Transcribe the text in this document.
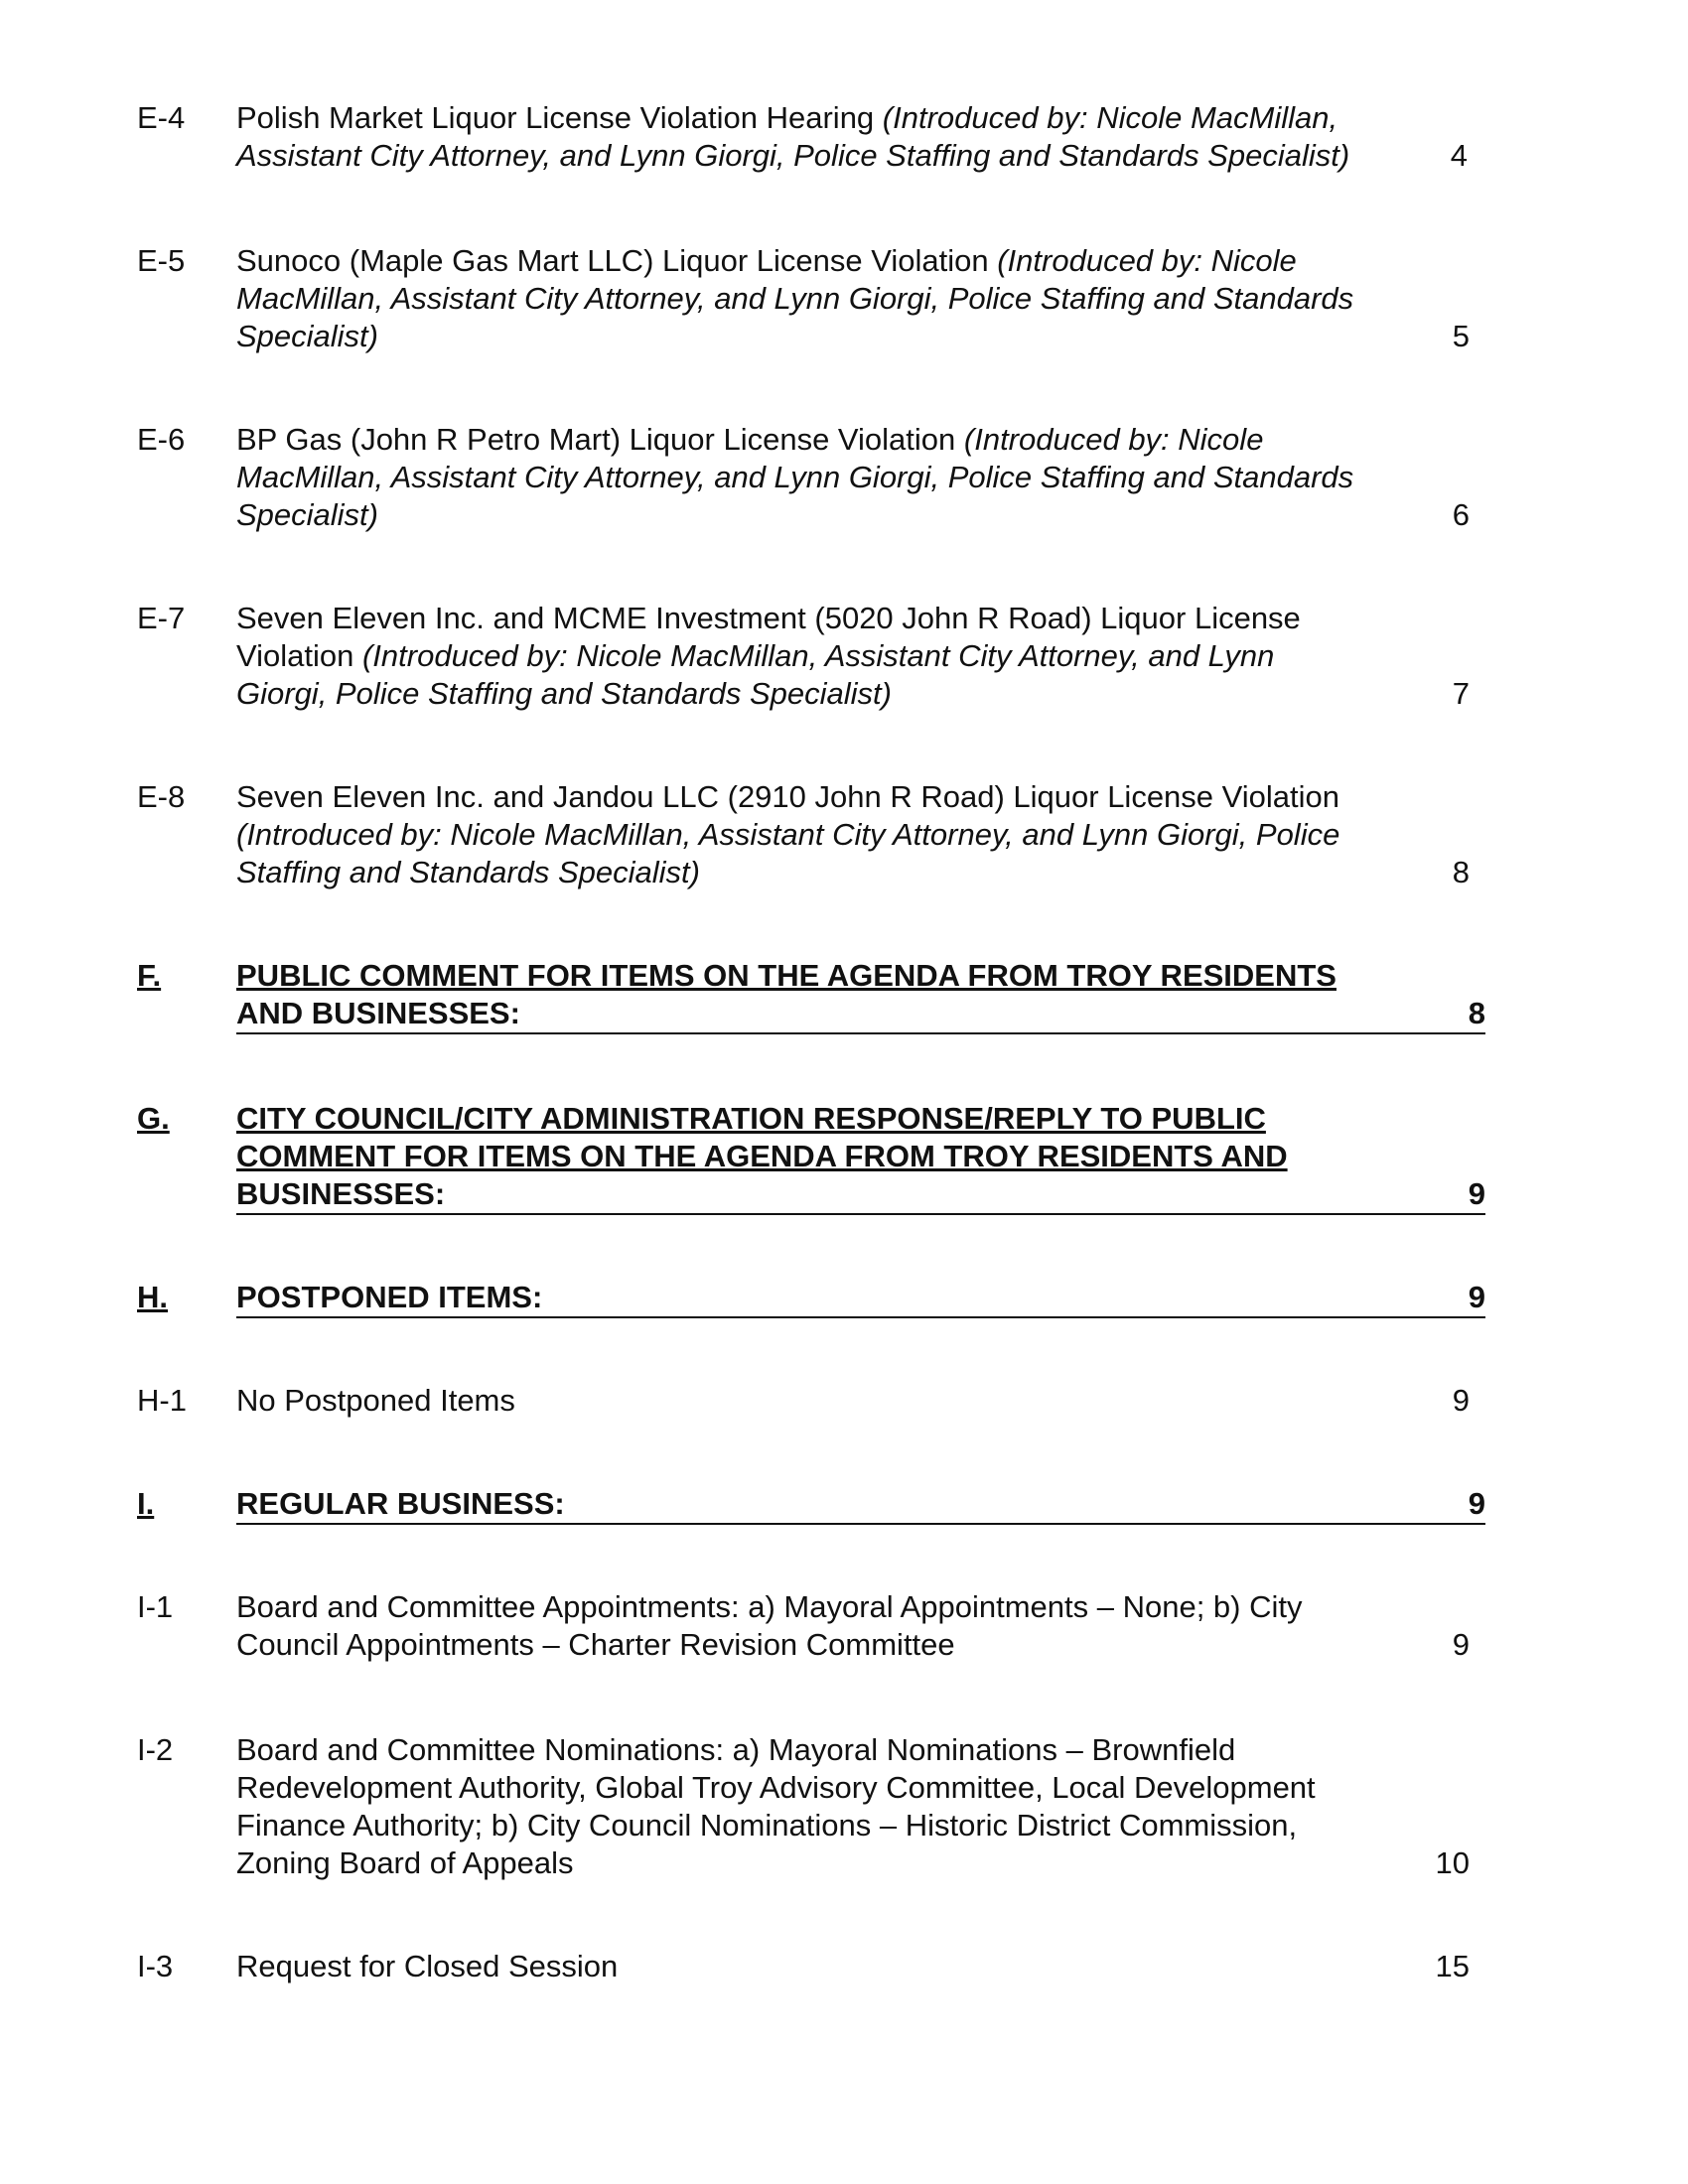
E-4 Polish Market Liquor License Violation Hearing (Introduced by: Nicole MacMillan,
Assistant City Attorney, and Lynn Giorgi, Police Staffing and Standards Specialist)	4
E-5 Sunoco (Maple Gas Mart LLC) Liquor License Violation (Introduced by: Nicole
MacMillan, Assistant City Attorney, and Lynn Giorgi, Police Staffing and Standards
Specialist)	5
E-6 BP Gas (John R Petro Mart) Liquor License Violation (Introduced by: Nicole
MacMillan, Assistant City Attorney, and Lynn Giorgi, Police Staffing and Standards
Specialist)	6
E-7 Seven Eleven Inc. and MCME Investment (5020 John R Road) Liquor License
Violation (Introduced by: Nicole MacMillan, Assistant City Attorney, and Lynn
Giorgi, Police Staffing and Standards Specialist)	7
E-8 Seven Eleven Inc. and Jandou LLC (2910 John R Road) Liquor License Violation
(Introduced by: Nicole MacMillan, Assistant City Attorney, and Lynn Giorgi, Police
Staffing and Standards Specialist)	8
F. PUBLIC COMMENT FOR ITEMS ON THE AGENDA FROM TROY RESIDENTS
AND BUSINESSES:	8
G. CITY COUNCIL/CITY ADMINISTRATION RESPONSE/REPLY TO PUBLIC
COMMENT FOR ITEMS ON THE AGENDA FROM TROY RESIDENTS AND
BUSINESSES:	9
H. POSTPONED ITEMS:	9
H-1 No Postponed Items	9
I.	REGULAR BUSINESS:	9
I-1 Board and Committee Appointments: a) Mayoral Appointments – None; b) City
Council Appointments – Charter Revision Committee	9
I-2 Board and Committee Nominations: a) Mayoral Nominations – Brownfield
Redevelopment Authority, Global Troy Advisory Committee, Local Development
Finance Authority; b) City Council Nominations – Historic District Commission,
Zoning Board of Appeals	10
I-3 Request for Closed Session	15
